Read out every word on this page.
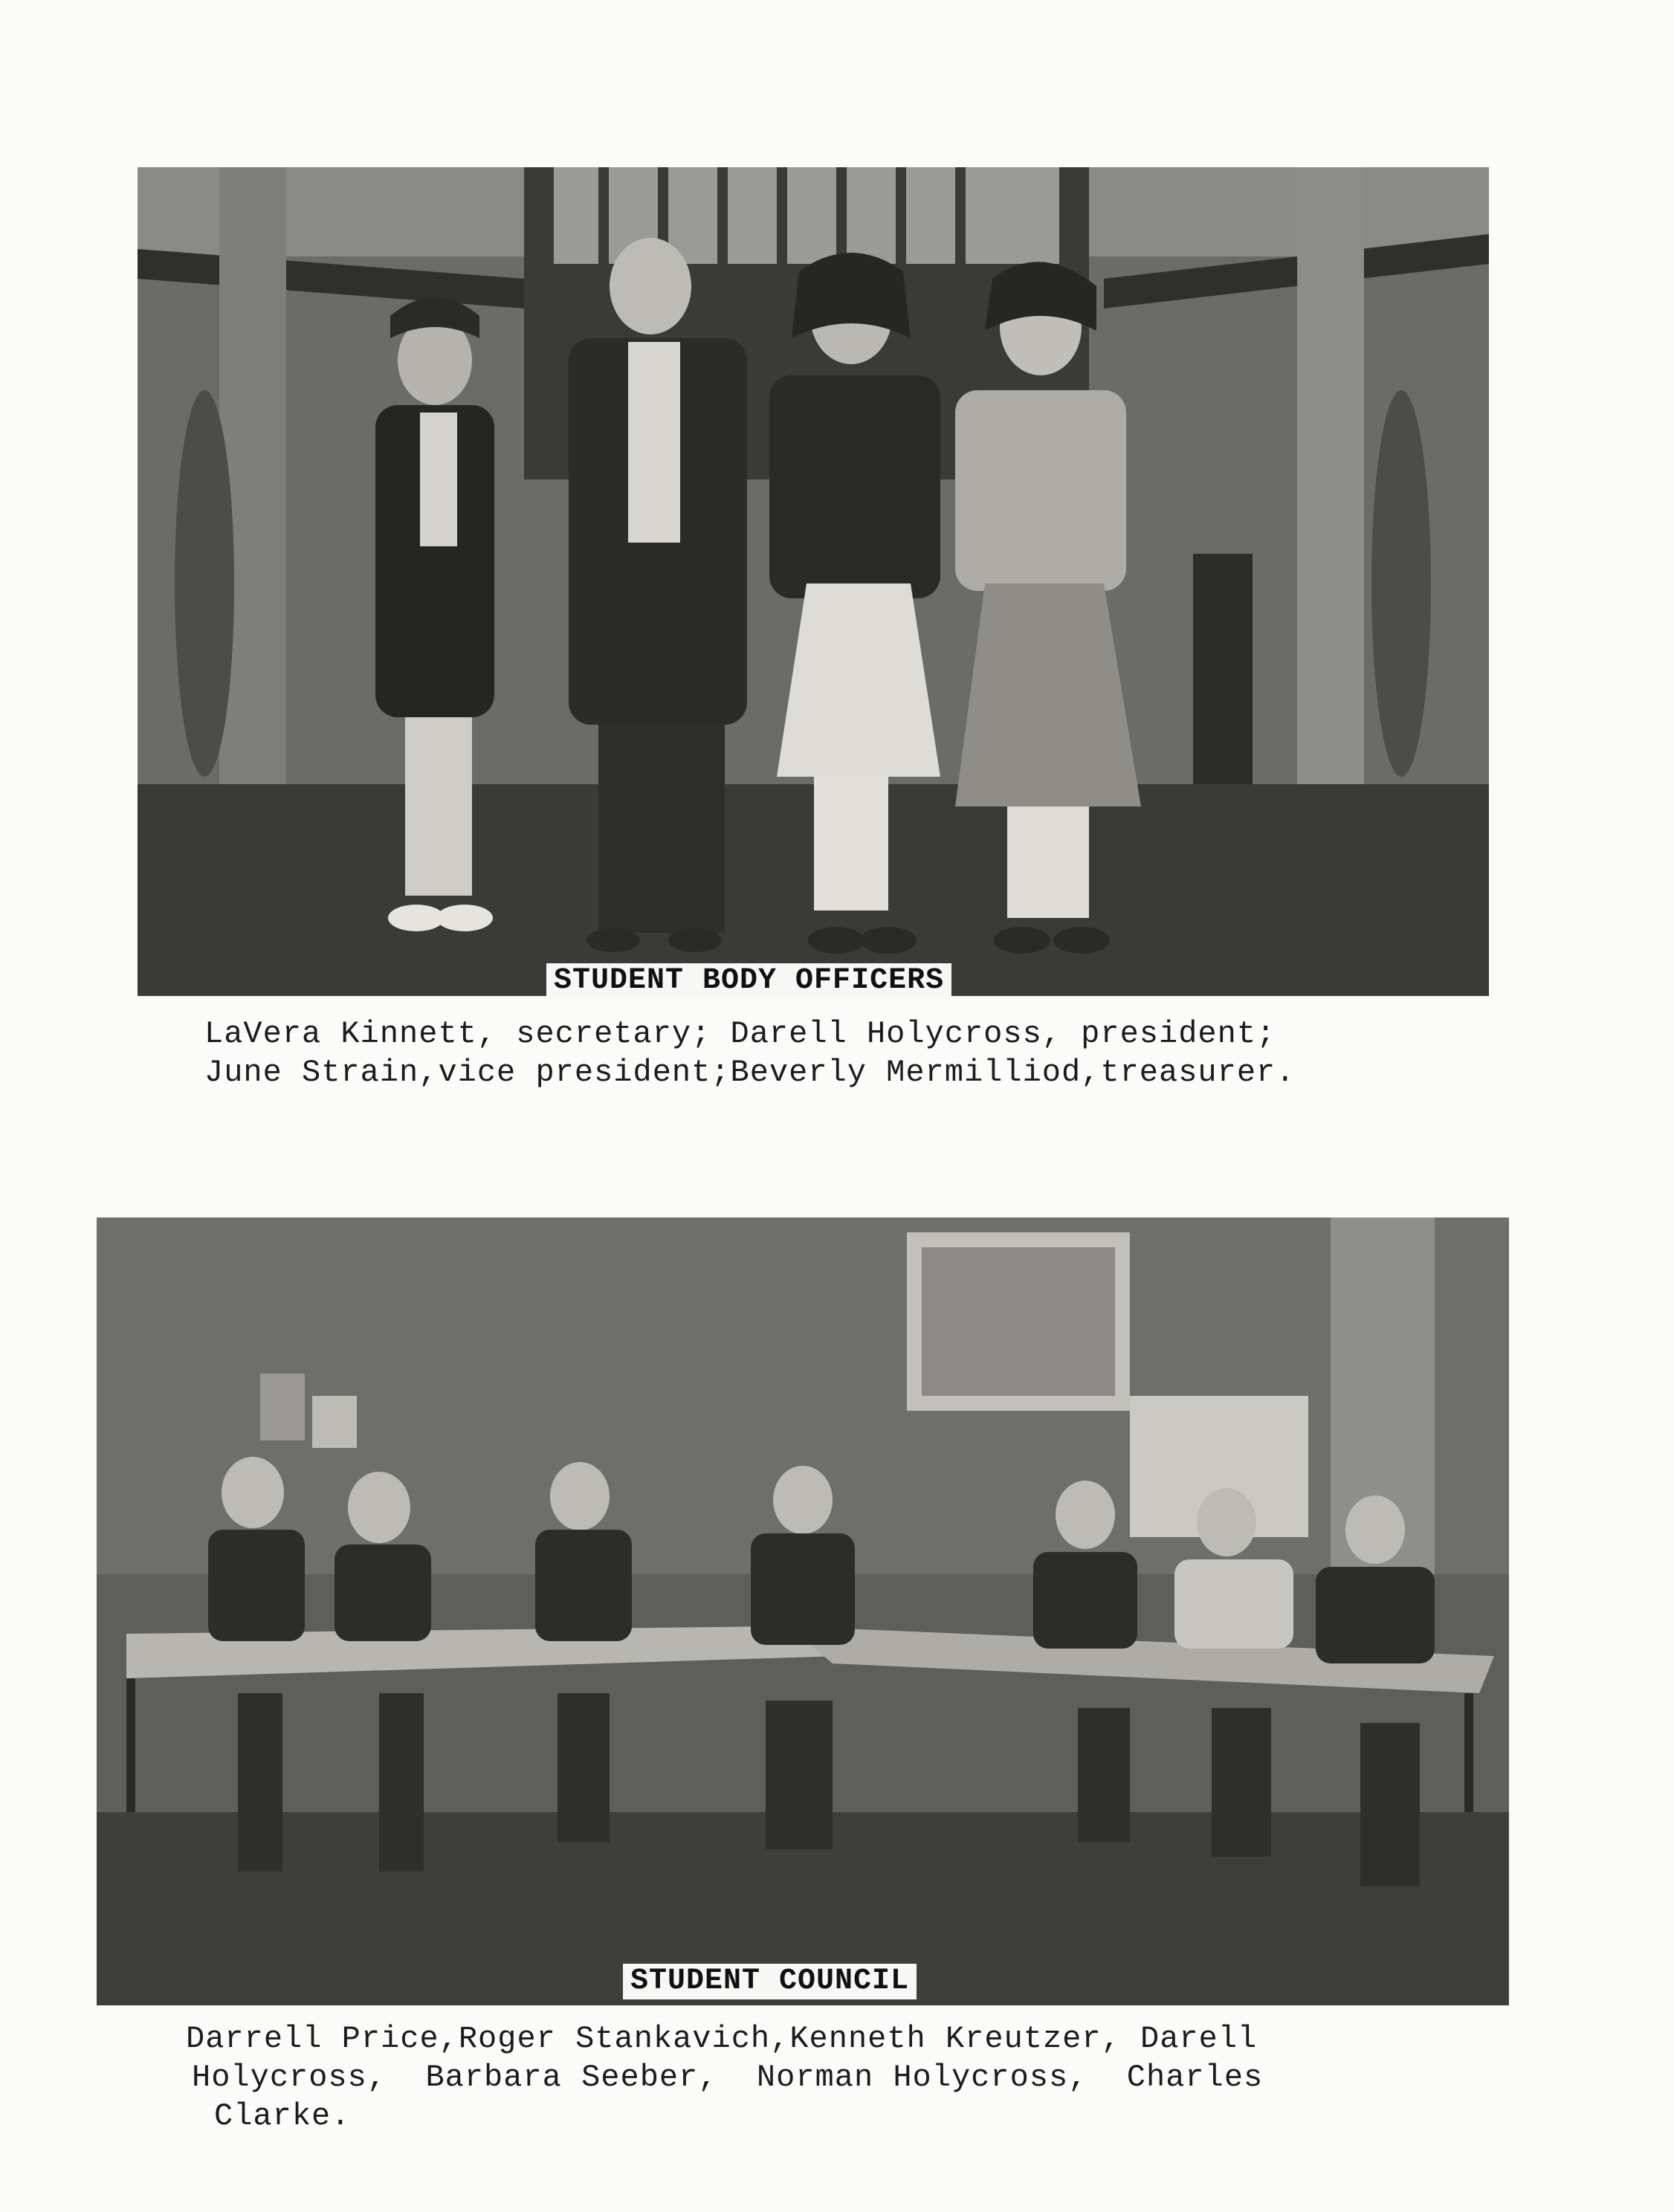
STUDENT BODY OFFICERS
LaVera Kinnett, secretary; Darell Holycross, president;
June Strain,vice president;Beverly Mermilliod,treasurer.
STUDENT COUNCIL
Darrell Price,Roger Stankavich,Kenneth Kreutzer, Darell
Holycross,  Barbara Seeber,  Norman Holycross,  Charles
Clarke.
